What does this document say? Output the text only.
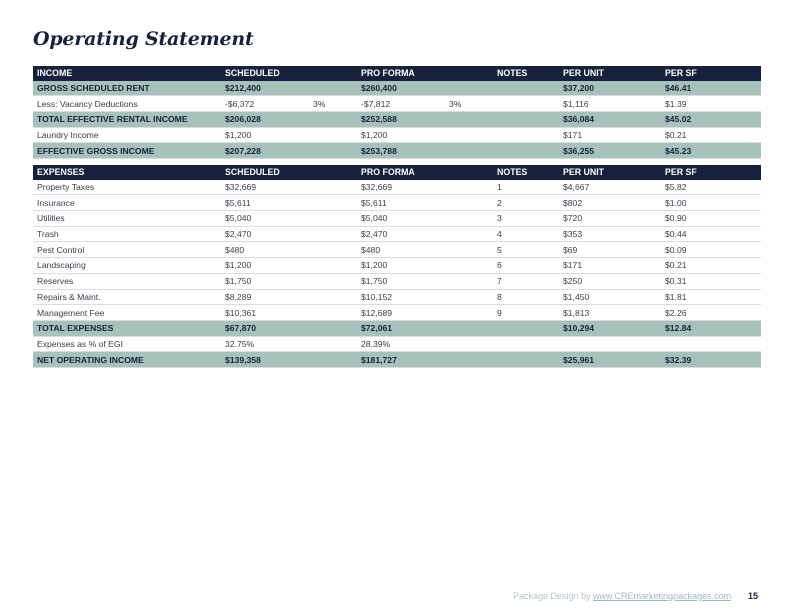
Operating Statement
INCOME	SCHEDULED		PRO FORMA		NOTES	PER UNIT	PER SF
GROSS SCHEDULED RENT	$212,400		$260,400			$37,200	$46.41
Less: Vacancy Deductions	-$6,372	3%	-$7,812	3%		$1,116	$1.39
TOTAL EFFECTIVE RENTAL INCOME	$206,028		$252,588			$36,084	$45.02
Laundry Income	$1,200		$1,200			$171	$0.21
EFFECTIVE GROSS INCOME	$207,228		$253,788			$36,255	$45.23
EXPENSES	SCHEDULED		PRO FORMA		NOTES	PER UNIT	PER SF
Property Taxes	$32,669		$32,669		1	$4,667	$5.82
Insurance	$5,611		$5,611		2	$802	$1.00
Utilities	$5,040		$5,040		3	$720	$0.90
Trash	$2,470		$2,470		4	$353	$0.44
Pest Control	$480		$480		5	$69	$0.09
Landscaping	$1,200		$1,200		6	$171	$0.21
Reserves	$1,750		$1,750		7	$250	$0.31
Repairs & Maint.	$8,289		$10,152		8	$1,450	$1.81
Management Fee	$10,361		$12,689		9	$1,813	$2.26
TOTAL EXPENSES	$67,870		$72,061			$10,294	$12.84
Expenses as % of EGI	32.75%		28.39%				
NET OPERATING INCOME	$139,358		$181,727			$25,961	$32.39
Package Design by www.CREmarketingpackages.com 15
